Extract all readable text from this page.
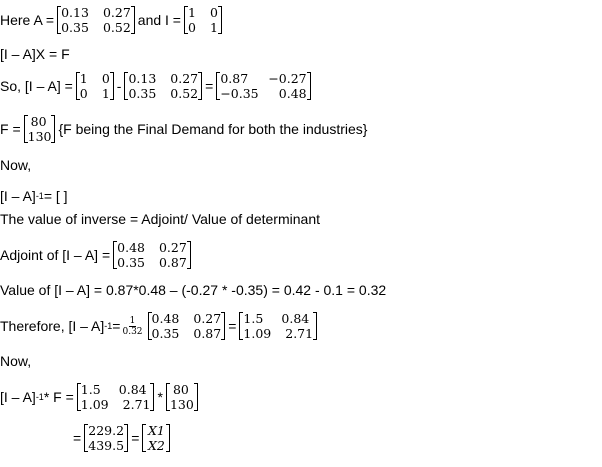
Here A = 0.13 0.27
0.35 0.52 and I = 1 0
0 1
[I – A]X = F
So, [I – A] = 1 0
0 1 - 0.13 0.27
0.35 0.52 = 0.87	−0.27
−0.35	0.48
F = 80
130 {F being the Final Demand for both the industries}
Now,
[I – A] -1 = [ ]
The value of inverse = Adjoint/ Value of determinant
Adjoint of [I – A] = 0.48 0.27
0.35 0.87
Value of [I – A] = 0.87*0.48 – (-0.27 * -0.35) = 0.42 - 0.1 = 0.32
Therefore, [I – A] $-1 = \frac{1}{0.32} 0.48$ 0.27
0.35 0.87 = 1.5	0.84
1.09 2.71
Now,
[I – A] -1 * F = 1.5	0.84
1.09 2.71 * 80
130
= 229.2
439.5 = X1
X2
